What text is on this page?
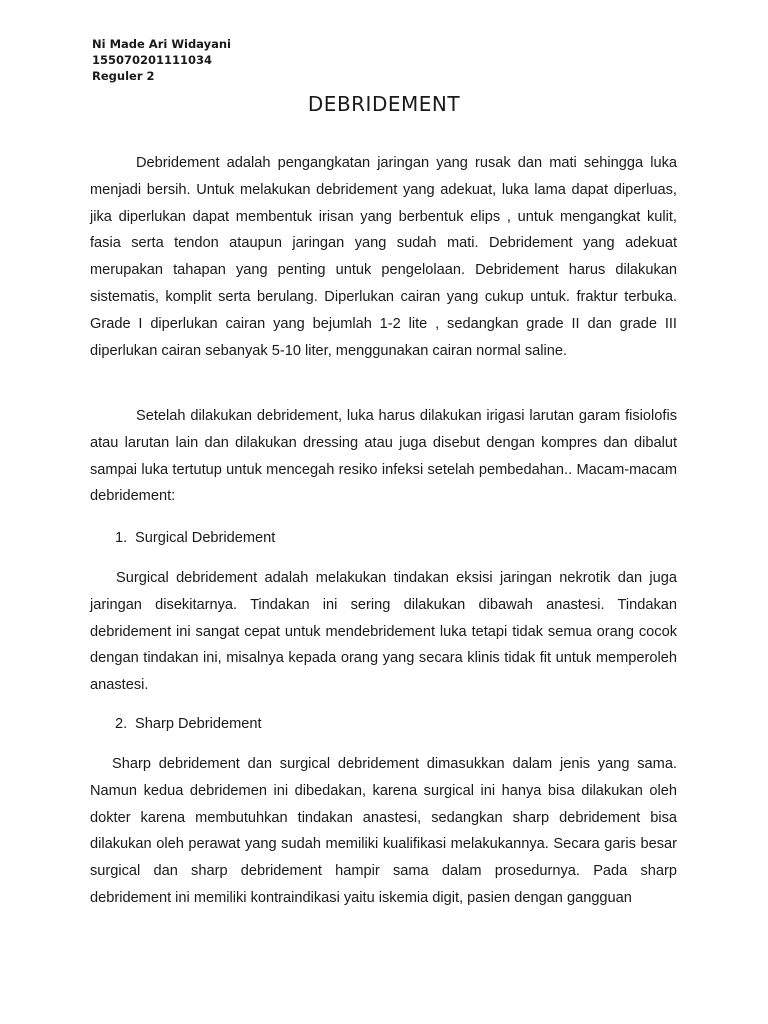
Ni Made Ari Widayani
155070201111034
Reguler 2
DEBRIDEMENT

Debridement adalah pengangkatan jaringan yang rusak dan mati sehingga luka menjadi bersih. Untuk melakukan debridement yang adekuat, luka lama dapat diperluas, jika diperlukan dapat membentuk irisan yang berbentuk elips , untuk mengangkat kulit, fasia serta tendon ataupun jaringan yang sudah mati. Debridement yang adekuat merupakan tahapan yang penting untuk pengelolaan. Debridement harus dilakukan sistematis, komplit serta berulang. Diperlukan cairan yang cukup untuk. fraktur terbuka. Grade I diperlukan cairan yang bejumlah 1-2 lite , sedangkan grade II dan grade III diperlukan cairan sebanyak 5-10 liter, menggunakan cairan normal saline.

Setelah dilakukan debridement, luka harus dilakukan irigasi larutan garam fisiolofis atau larutan lain dan dilakukan dressing atau juga disebut dengan kompres dan dibalut sampai luka tertutup untuk mencegah resiko infeksi setelah pembedahan.. Macam-macam debridement:

1. Surgical Debridement

Surgical debridement adalah melakukan tindakan eksisi jaringan nekrotik dan juga jaringan disekitarnya. Tindakan ini sering dilakukan dibawah anastesi. Tindakan debridement ini sangat cepat untuk mendebridement luka tetapi tidak semua orang cocok dengan tindakan ini, misalnya kepada orang yang secara klinis tidak fit untuk memperoleh anastesi.

2. Sharp Debridement

Sharp debridement dan surgical debridement dimasukkan dalam jenis yang sama. Namun kedua debridemen ini dibedakan, karena surgical ini hanya bisa dilakukan oleh dokter karena membutuhkan tindakan anastesi, sedangkan sharp debridement bisa dilakukan oleh perawat yang sudah memiliki kualifikasi melakukannya. Secara garis besar surgical dan sharp debridement hampir sama dalam prosedurnya. Pada sharp debridement ini memiliki kontraindikasi yaitu iskemia digit, pasien dengan gangguan
